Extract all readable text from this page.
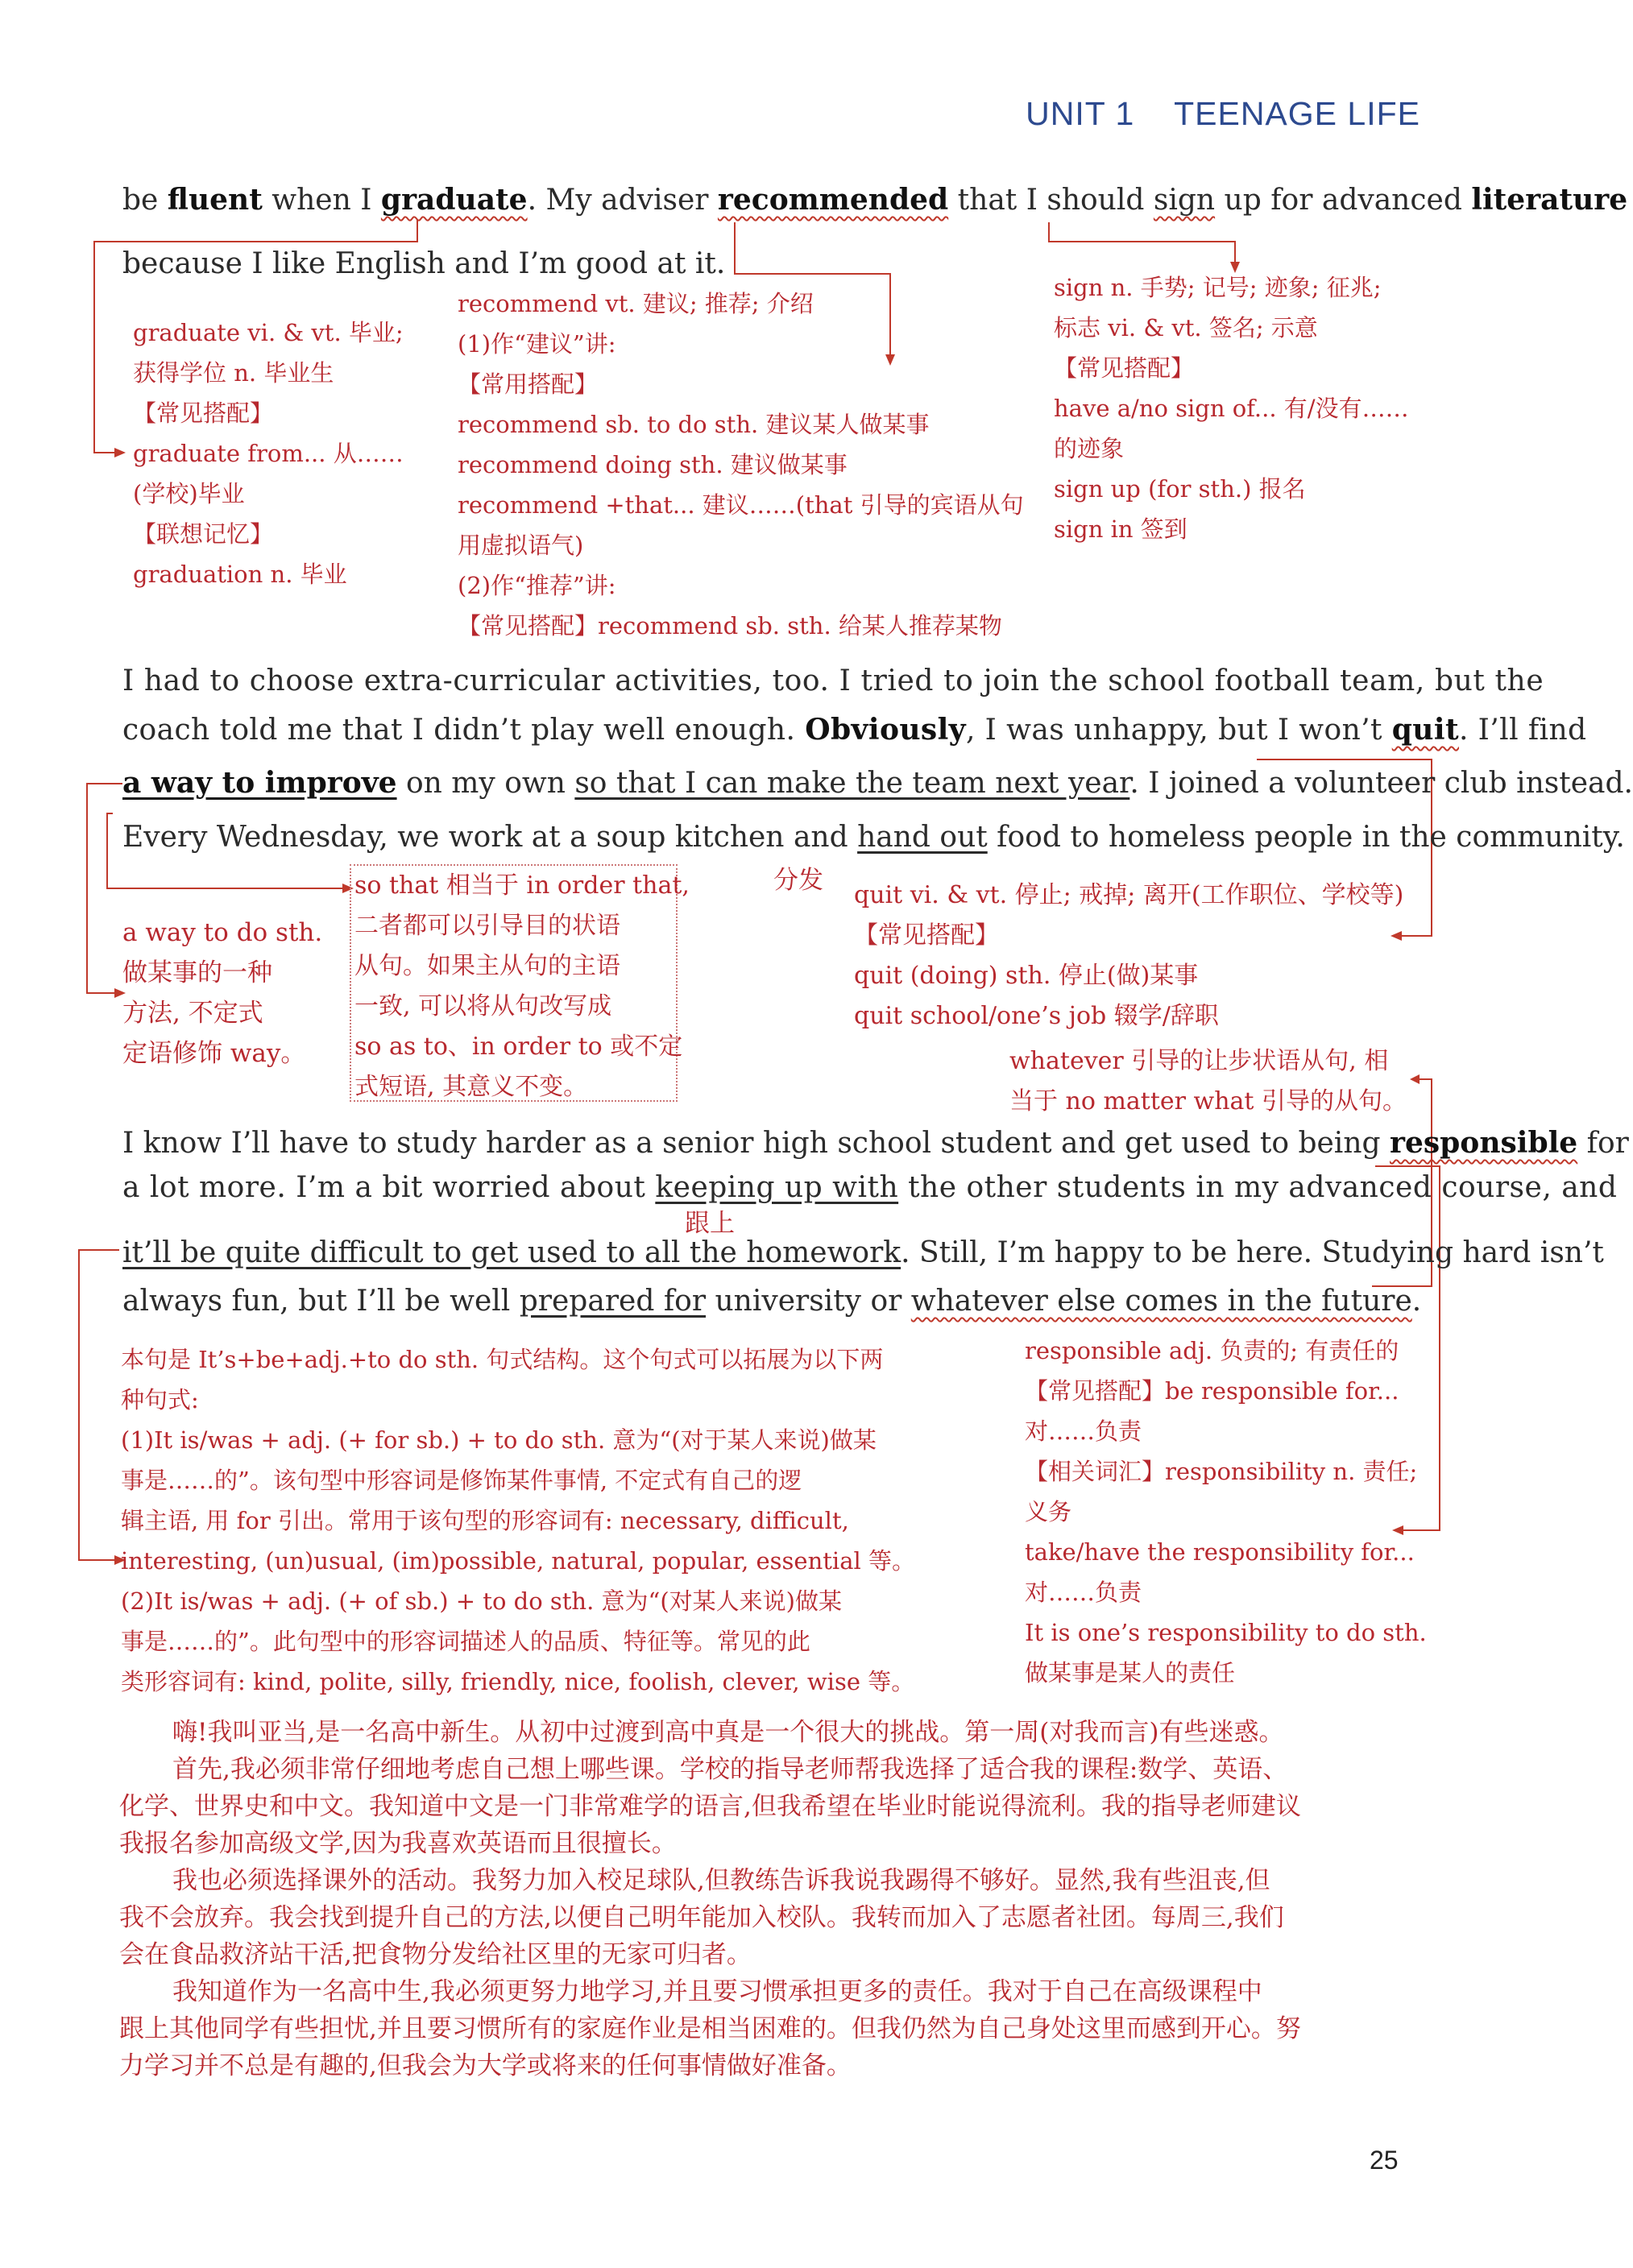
UNIT 1 TEENAGE LIFE
be fluent when I graduate. My adviser recommended that I should sign up for advanced literature
because I like English and I’m good at it.
graduate vi. & vt. 毕业;
获得学位 n. 毕业生
【常见搭配】
graduate from... 从……
(学校)毕业
【联想记忆】
graduation n. 毕业
recommend vt. 建议; 推荐; 介绍
(1)作“建议”讲:
【常用搭配】
recommend sb. to do sth. 建议某人做某事
recommend doing sth. 建议做某事
recommend +that... 建议……(that 引导的宾语从句
用虚拟语气)
(2)作“推荐”讲:
【常见搭配】recommend sb. sth. 给某人推荐某物
sign n. 手势; 记号; 迹象; 征兆;
标志 vi. & vt. 签名; 示意
【常见搭配】
have a/no sign of... 有/没有……
的迹象
sign up (for sth.) 报名
sign in 签到
I had to choose extra-curricular activities, too. I tried to join the school football team, but the
coach told me that I didn’t play well enough. Obviously, I was unhappy, but I won’t quit. I’ll find
a way to improve on my own so that I can make the team next year. I joined a volunteer club instead.
Every Wednesday, we work at a soup kitchen and hand out food to homeless people in the community.
分发
a way to do sth.
做某事的一种
方法, 不定式
定语修饰 way。
so that 相当于 in order that,
二者都可以引导目的状语
从句。如果主从句的主语
一致, 可以将从句改写成
so as to、in order to 或不定
式短语, 其意义不变。
quit vi. & vt. 停止; 戒掉; 离开(工作职位、学校等)
【常见搭配】
quit (doing) sth. 停止(做)某事
quit school/one’s job 辍学/辞职
whatever 引导的让步状语从句, 相
当于 no matter what 引导的从句。
I know I’ll have to study harder as a senior high school student and get used to being responsible for
a lot more. I’m a bit worried about keeping up with the other students in my advanced course, and
跟上
it’ll be quite difficult to get used to all the homework. Still, I’m happy to be here. Studying hard isn’t
always fun, but I’ll be well prepared for university or whatever else comes in the future.
本句是 It’s+be+adj.+to do sth. 句式结构。这个句式可以拓展为以下两
种句式:
(1)It is/was + adj. (+ for sb.) + to do sth. 意为“(对于某人来说)做某
事是……的”。该句型中形容词是修饰某件事情, 不定式有自己的逻
辑主语, 用 for 引出。常用于该句型的形容词有: necessary, difficult,
interesting, (un)usual, (im)possible, natural, popular, essential 等。
(2)It is/was + adj. (+ of sb.) + to do sth. 意为“(对某人来说)做某
事是……的”。此句型中的形容词描述人的品质、特征等。常见的此
类形容词有: kind, polite, silly, friendly, nice, foolish, clever, wise 等。
responsible adj. 负责的; 有责任的
【常见搭配】be responsible for...
对……负责
【相关词汇】responsibility n. 责任;
义务
take/have the responsibility for...
对……负责
It is one’s responsibility to do sth.
做某事是某人的责任
嗨!我叫亚当,是一名高中新生。从初中过渡到高中真是一个很大的挑战。第一周(对我而言)有些迷惑。
首先,我必须非常仔细地考虑自己想上哪些课。学校的指导老师帮我选择了适合我的课程:数学、英语、
化学、世界史和中文。我知道中文是一门非常难学的语言,但我希望在毕业时能说得流利。我的指导老师建议
我报名参加高级文学,因为我喜欢英语而且很擅长。
我也必须选择课外的活动。我努力加入校足球队,但教练告诉我说我踢得不够好。显然,我有些沮丧,但
我不会放弃。我会找到提升自己的方法,以便自己明年能加入校队。我转而加入了志愿者社团。每周三,我们
会在食品救济站干活,把食物分发给社区里的无家可归者。
我知道作为一名高中生,我必须更努力地学习,并且要习惯承担更多的责任。我对于自己在高级课程中
跟上其他同学有些担忧,并且要习惯所有的家庭作业是相当困难的。但我仍然为自己身处这里而感到开心。努
力学习并不总是有趣的,但我会为大学或将来的任何事情做好准备。
25
